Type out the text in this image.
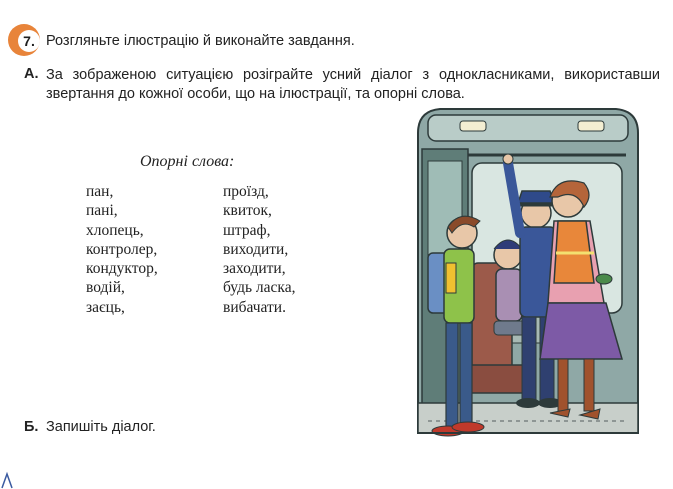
7. Розгляньте ілюстрацію й виконайте завдання.
А. За зображеною ситуацією розіграйте усний діалог з однокласниками, використавши
звертання до кожної особи, що на ілюстрації, та опорні слова.
Опорні слова:
пан,
пані,
хлопець,
контролер,
кондуктор,
водій,
заєць,
проїзд,
квиток,
штраф,
виходити,
заходити,
будь ласка,
вибачати.
Б. Запишіть діалог.
